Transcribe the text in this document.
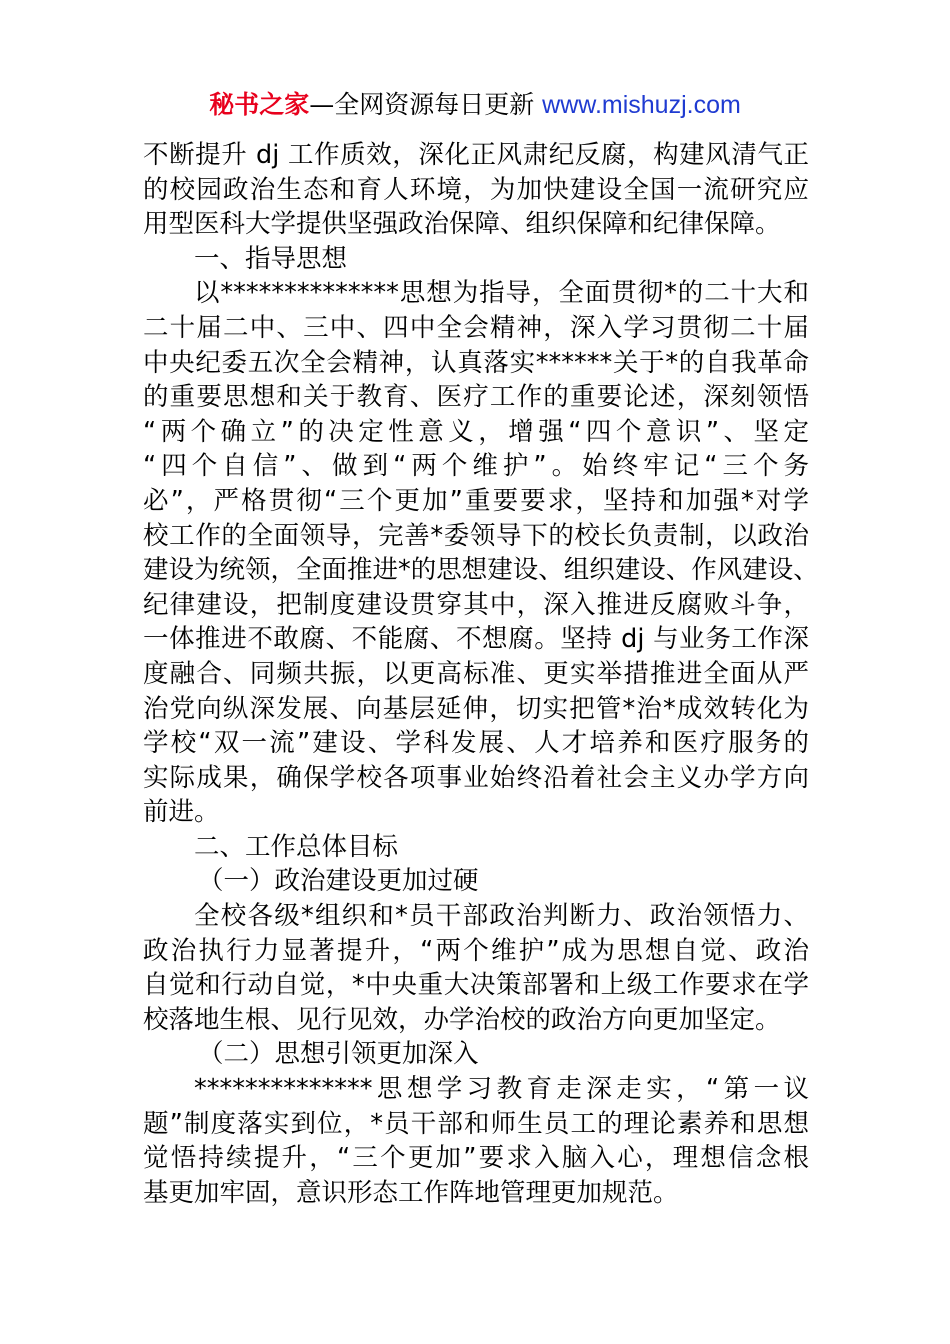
秘书之家—全网资源每日更新 www.mishuzj.com
不断提升 dj 工作质效，深化正风肃纪反腐，构建风清气正
的校园政治生态和育人环境，为加快建设全国一流研究应
用型医科大学提供坚强政治保障、组织保障和纪律保障。
一、指导思想
以**************思想为指导，全面贯彻*的二十大和
二十届二中、三中、四中全会精神，深入学习贯彻二十届
中央纪委五次全会精神，认真落实******关于*的自我革命
的重要思想和关于教育、医疗工作的重要论述，深刻领悟
“两个确立”的决定性意义，增强“四个意识”、坚定
“四个自信”、做到“两个维护”。始终牢记“三个务
必”，严格贯彻“三个更加”重要要求，坚持和加强*对学
校工作的全面领导，完善*委领导下的校长负责制，以政治
建设为统领，全面推进*的思想建设、组织建设、作风建设、
纪律建设，把制度建设贯穿其中，深入推进反腐败斗争，
一体推进不敢腐、不能腐、不想腐。坚持 dj 与业务工作深
度融合、同频共振，以更高标准、更实举措推进全面从严
治党向纵深发展、向基层延伸，切实把管*治*成效转化为
学校“双一流”建设、学科发展、人才培养和医疗服务的
实际成果，确保学校各项事业始终沿着社会主义办学方向
前进。
二、工作总体目标
（一）政治建设更加过硬
全校各级*组织和*员干部政治判断力、政治领悟力、
政治执行力显著提升，“两个维护”成为思想自觉、政治
自觉和行动自觉，*中央重大决策部署和上级工作要求在学
校落地生根、见行见效，办学治校的政治方向更加坚定。
（二）思想引领更加深入
**************思想学习教育走深走实，“第一议
题”制度落实到位，*员干部和师生员工的理论素养和思想
觉悟持续提升，“三个更加”要求入脑入心，理想信念根
基更加牢固，意识形态工作阵地管理更加规范。
